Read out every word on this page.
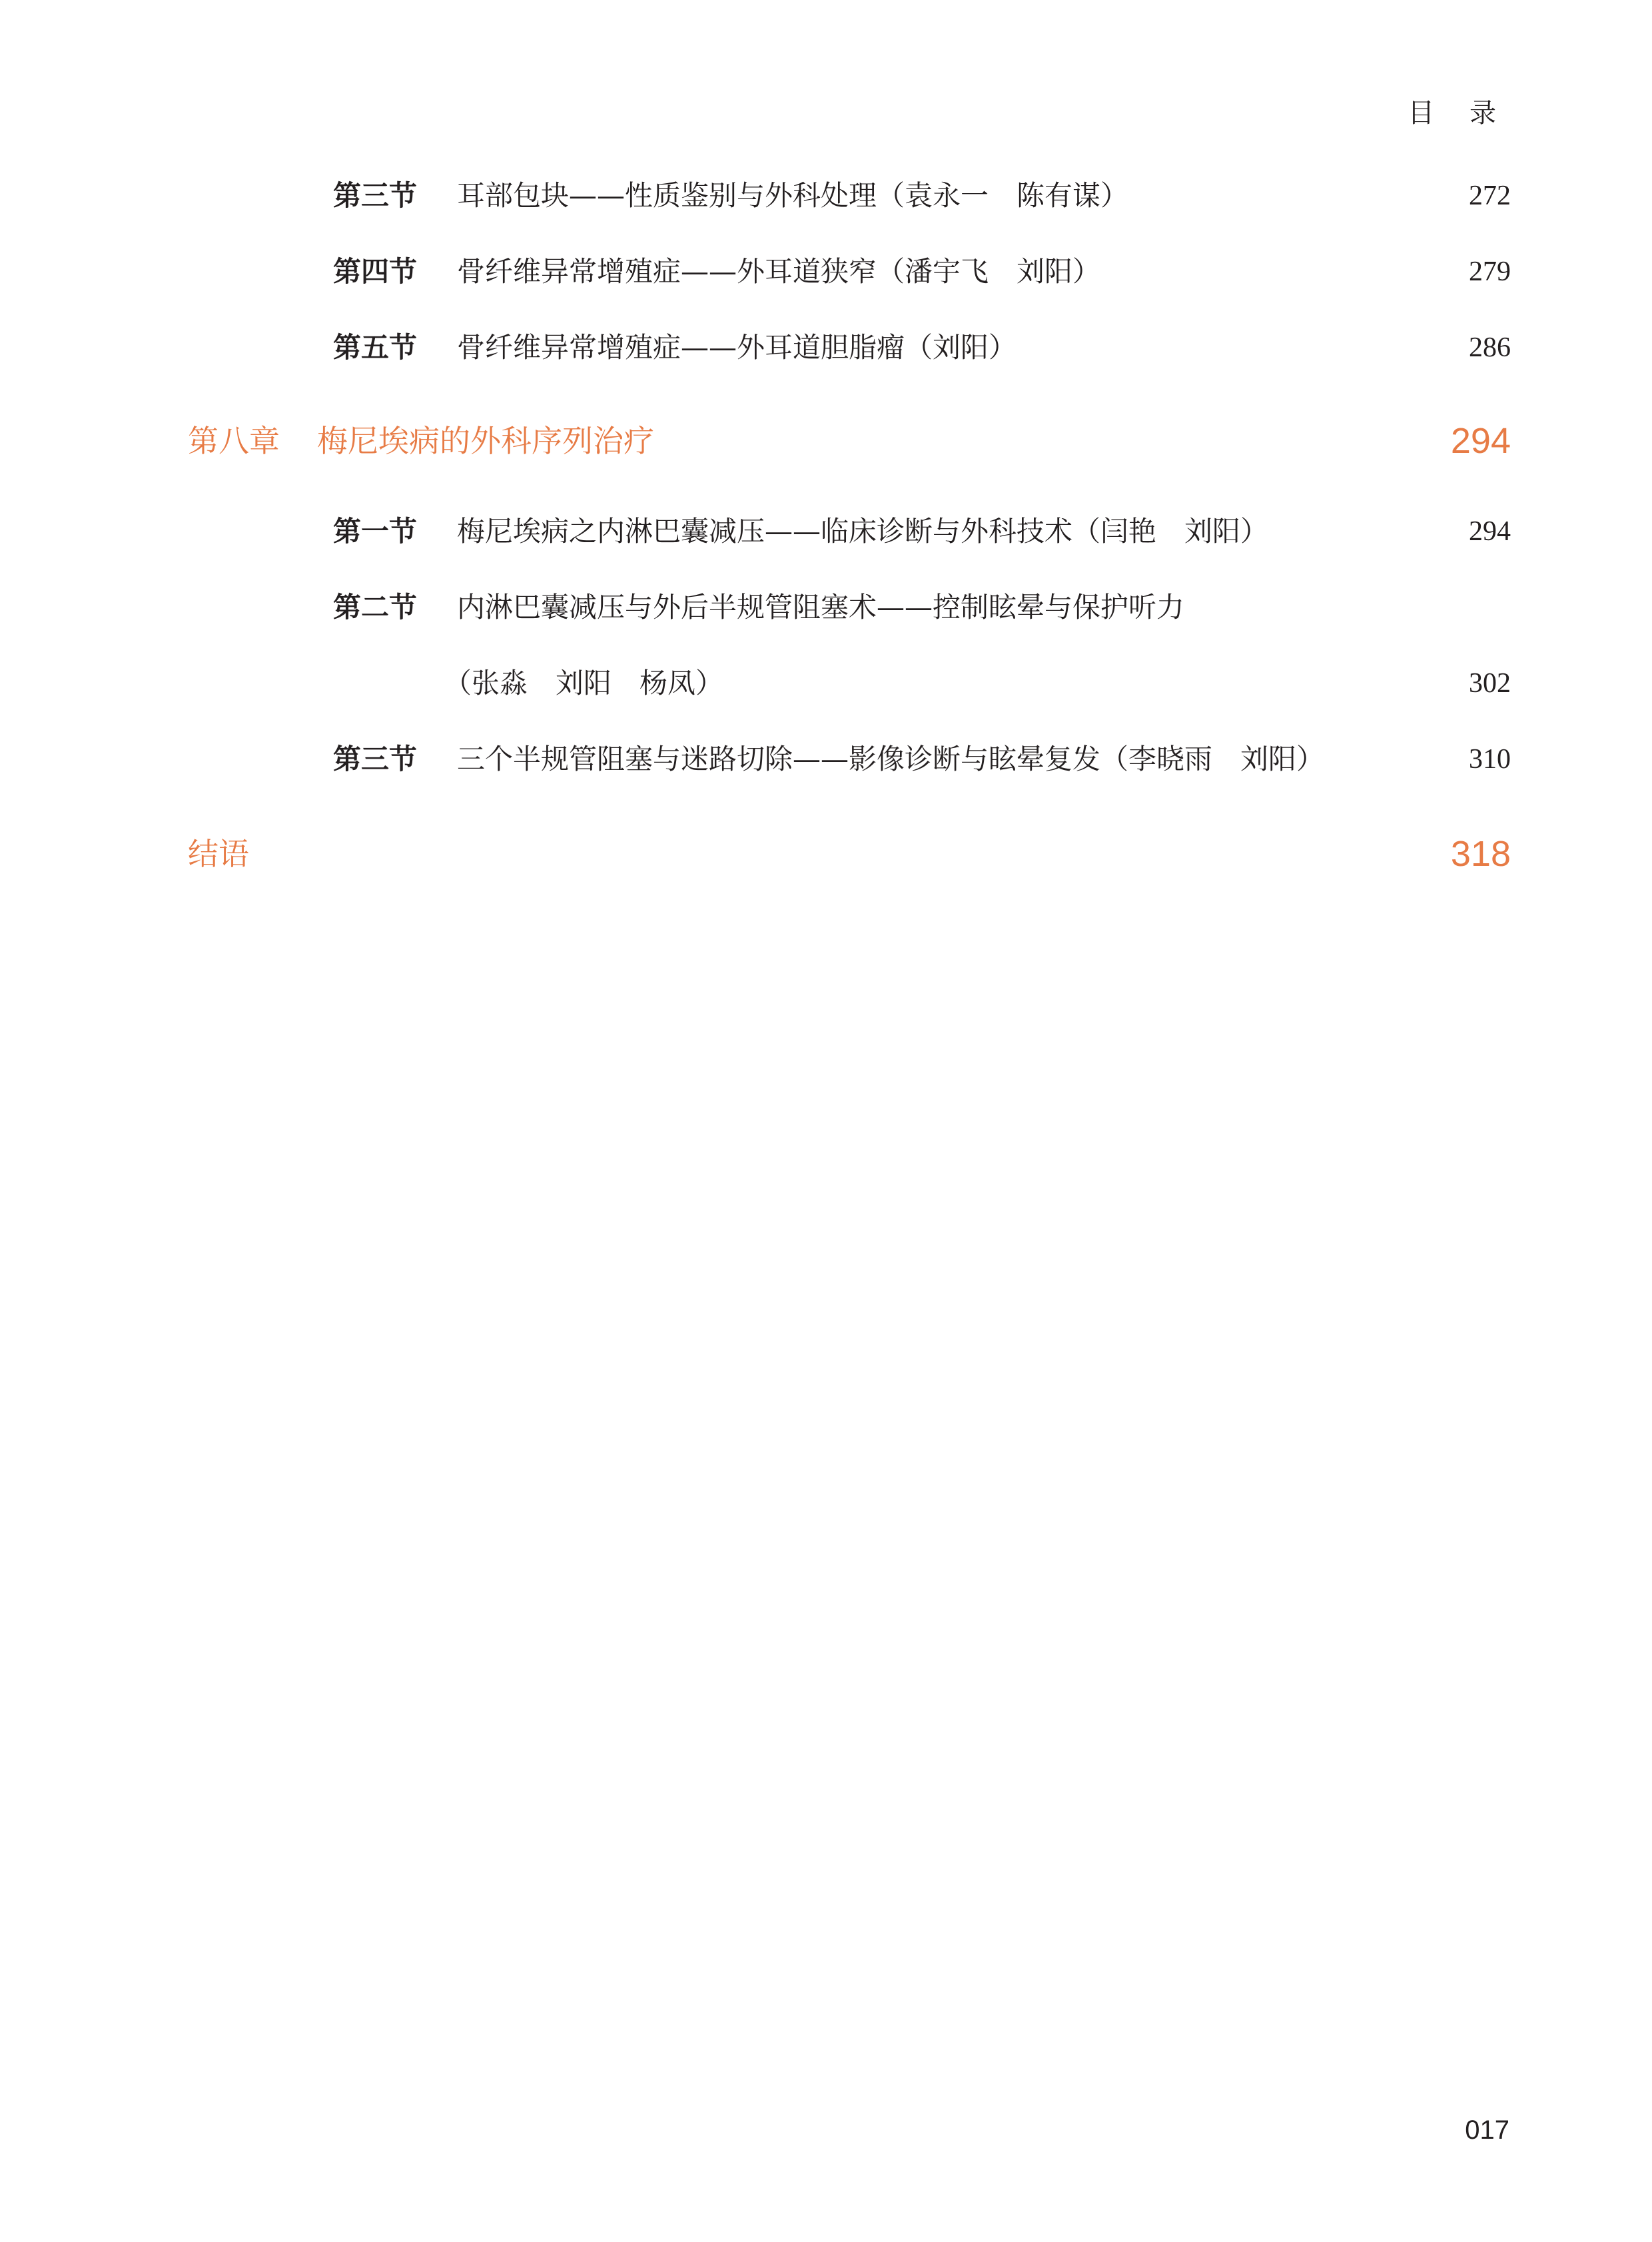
目 录
第三节 耳部包块——性质鉴别与外科处理（袁永一　陈有谋）	272
第四节 骨纤维异常增殖症——外耳道狭窄（潘宇飞　刘阳）	279
第五节 骨纤维异常增殖症——外耳道胆脂瘤（刘阳）	286
第八章 梅尼埃病的外科序列治疗	294
第一节 梅尼埃病之内淋巴囊减压——临床诊断与外科技术（闫艳　刘阳）	294
第二节 内淋巴囊减压与外后半规管阻塞术——控制眩晕与保护听力
（张淼　刘阳　杨凤）	302
第三节 三个半规管阻塞与迷路切除——影像诊断与眩晕复发（李晓雨　刘阳）	310
结语	318
017
